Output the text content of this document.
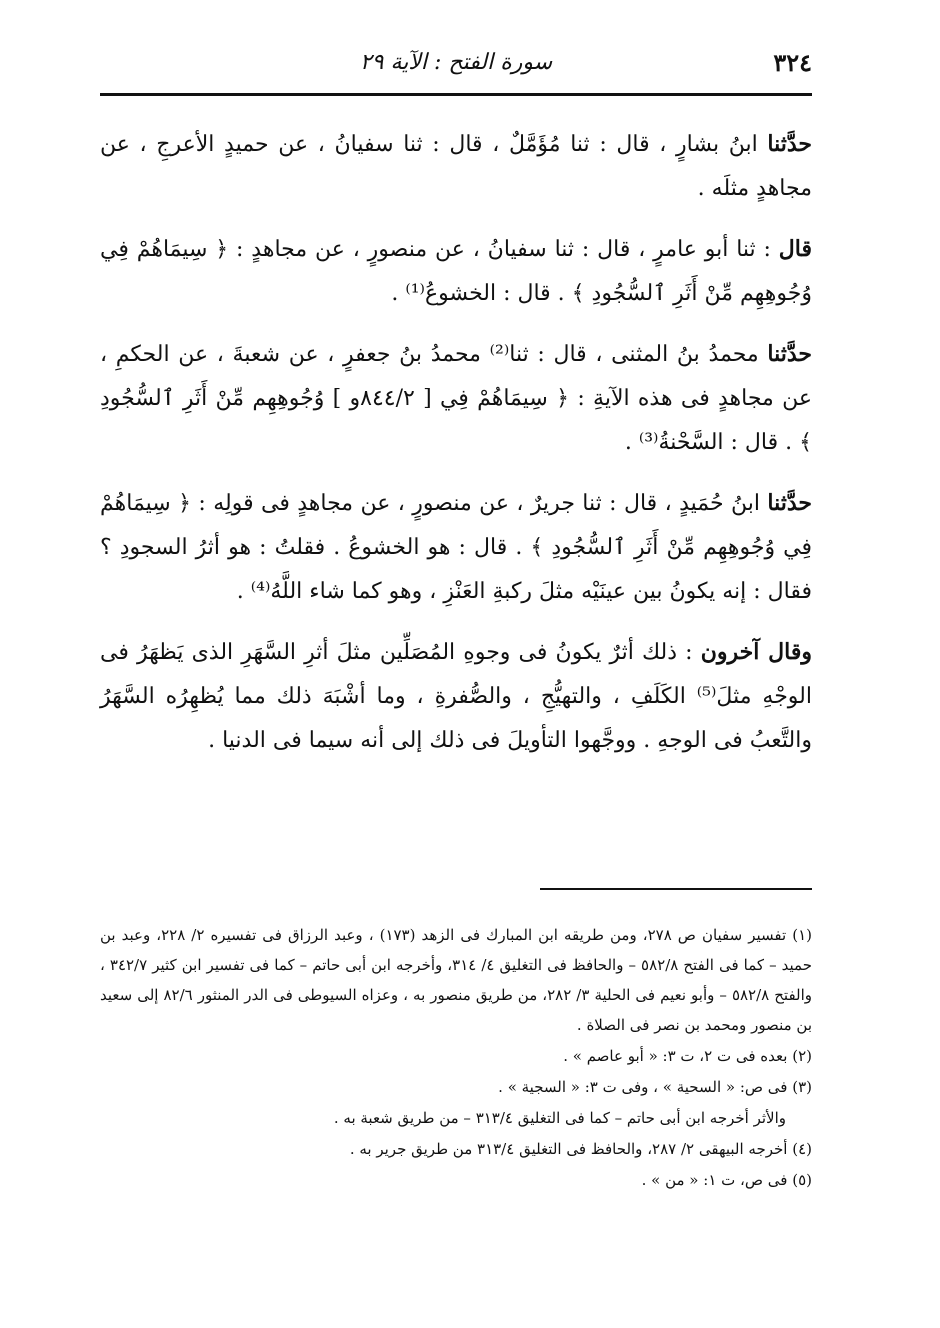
٣٢٤
سورة الفتح : الآية ٢٩

حدَّثنا ابنُ بشارٍ ، قال : ثنا مُؤَمَّلٌ ، قال : ثنا سفيانُ ، عن حميدٍ الأعرجِ ، عن مجاهدٍ مثلَه .

قال : ثنا أبو عامرٍ ، قال : ثنا سفيانُ ، عن منصورٍ ، عن مجاهدٍ : ﴿ سِيمَاهُمْ فِي وُجُوهِهِم مِّنْ أَثَرِ ٱلسُّجُودِ ﴾ . قال : الخشوعُ⁽¹⁾ .

حدَّثنا محمدُ بنُ المثنى ، قال : ثنا⁽²⁾ محمدُ بنُ جعفرٍ ، عن شعبةَ ، عن الحكمِ ، عن مجاهدٍ فى هذه الآيةِ : ﴿ سِيمَاهُمْ فِي [ ٨٤٤/٢و ] وُجُوهِهِم مِّنْ أَثَرِ ٱلسُّجُودِ ﴾ . قال : السَّحْنةُ⁽³⁾ .

حدَّثنا ابنُ حُمَيدٍ ، قال : ثنا جريرٌ ، عن منصورٍ ، عن مجاهدٍ فى قولِه : ﴿ سِيمَاهُمْ فِي وُجُوهِهِم مِّنْ أَثَرِ ٱلسُّجُودِ ﴾ . قال : هو الخشوعُ . فقلتُ : هو أثرُ السجودِ ؟ فقال : إنه يكونُ بين عينَيْه مثلَ ركبةِ العَنْزِ ، وهو كما شاء اللَّهُ⁽⁴⁾ .

وقال آخرون : ذلك أثرٌ يكونُ فى وجوهِ المُصَلِّين مثلَ أثرِ السَّهَرِ الذى يَظهَرُ فى الوجْهِ مثلَ⁽⁵⁾ الكَلَفِ ، والتهيُّجِ ، والصُّفرةِ ، وما أشْبَهَ ذلك مما يُظهِرُه السَّهَرُ والتَّعبُ فى الوجهِ . ووجَّهوا التأويلَ فى ذلك إلى أنه سيما فى الدنيا .

(١) تفسير سفيان ص ٢٧٨، ومن طريقه ابن المبارك فى الزهد (١٧٣) ، وعبد الرزاق فى تفسيره ٢/ ٢٢٨، وعبد بن حميد – كما فى الفتح ٥٨٢/٨ – والحافظ فى التغليق ٤/ ٣١٤، وأخرجه ابن أبى حاتم – كما فى تفسير ابن كثير ٣٤٢/٧ ، والفتح ٥٨٢/٨ – وأبو نعيم فى الحلية ٣/ ٢٨٢، من طريق منصور به ، وعزاه السيوطى فى الدر المنثور ٨٢/٦ إلى سعيد بن منصور ومحمد بن نصر فى الصلاة .

(٢) بعده فى ت ٢، ت ٣: « أبو عاصم » .

(٣) فى ص: « السحية » ، وفى ت ٣: « السجية » .

والأثر أخرجه ابن أبى حاتم – كما فى التغليق ٣١٣/٤ – من طريق شعبة به .

(٤) أخرجه البيهقى ٢/ ٢٨٧، والحافظ فى التغليق ٣١٣/٤ من طريق جرير به .

(٥) فى ص، ت ١: « من » .
